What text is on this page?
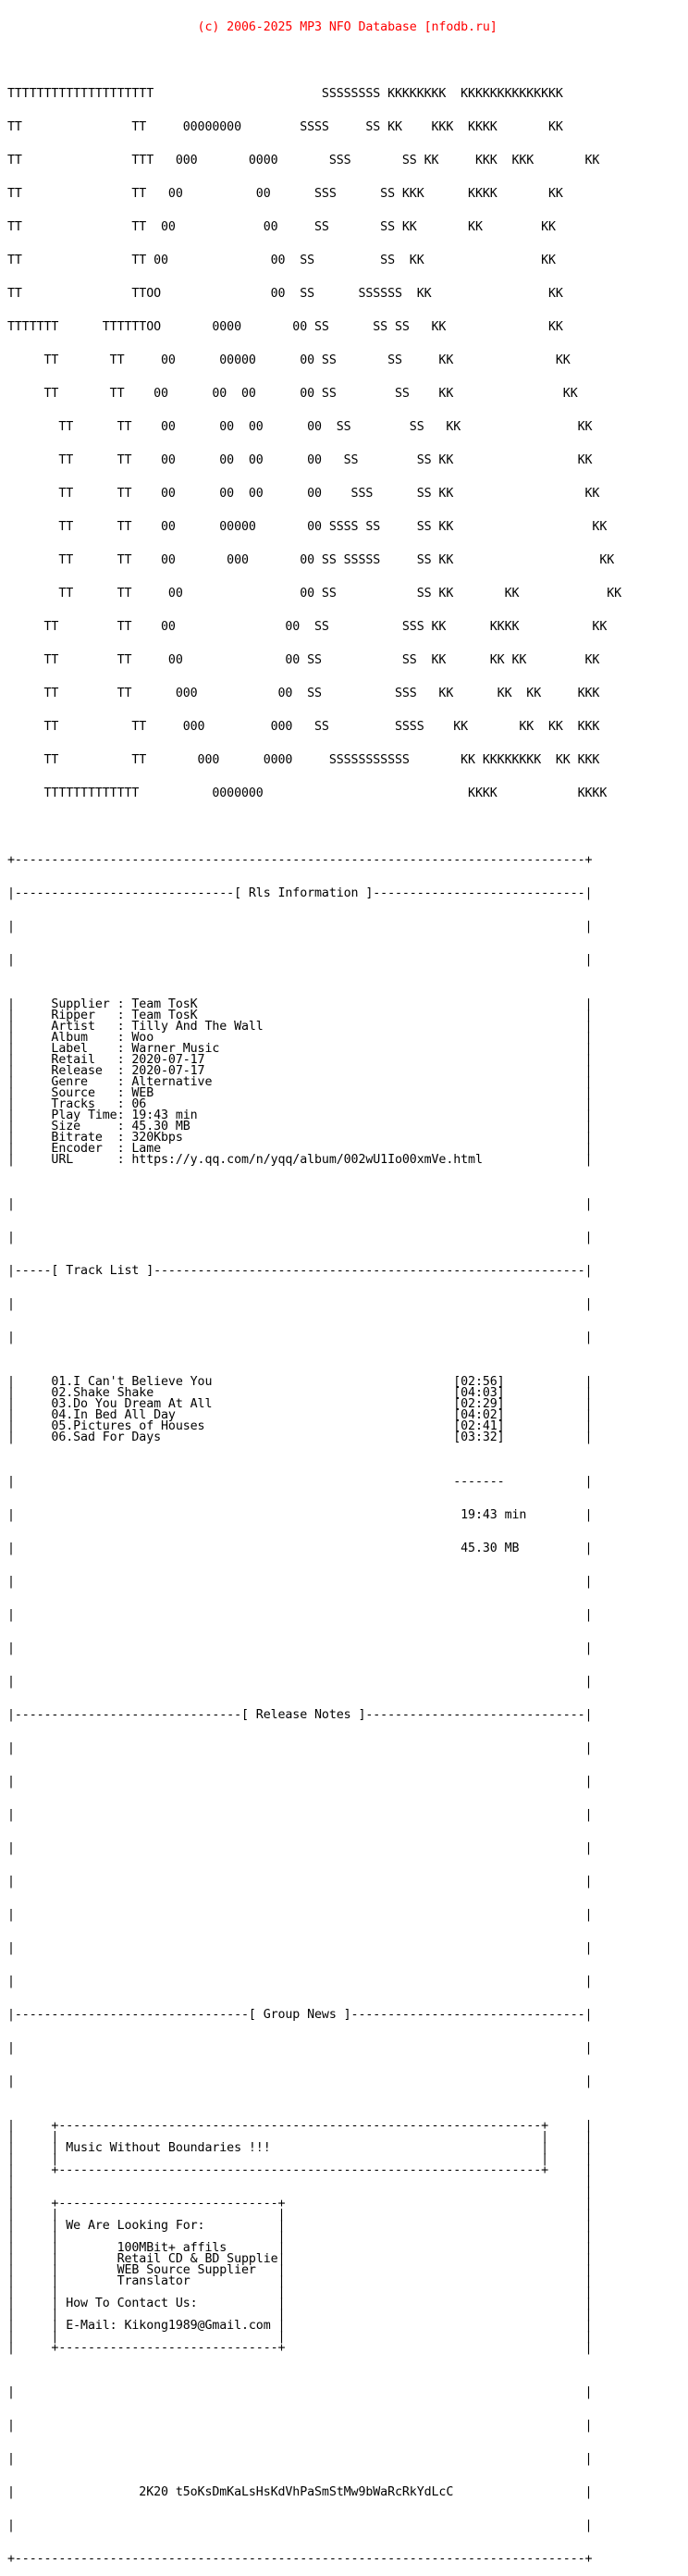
(c) 2006-2025 MP3 NFO Database [nfodb.ru]

TTTTTTTTTTTTTTTTTTTT                       SSSSSSSS KKKKKKKK  KKKKKKKKKKKKKK

TT               TT     00000000        SSSS     SS KK    KKK  KKKK       KK

TT               TTT   000       0000       SSS       SS KK     KKK  KKK       KK

TT               TT   00          00      SSS      SS KKK      KKKK       KK

TT               TT  00            00     SS       SS KK       KK        KK

TT               TT 00              00  SS         SS  KK                KK

TT               TTOO               00  SS      SSSSSS  KK                KK

TTTTTTT      TTTTTTOO       0000       00 SS      SS SS   KK              KK

TT       TT     00      00000      00 SS       SS     KK              KK

TT       TT    00      00  00      00 SS        SS    KK               KK

TT      TT    00      00  00      00  SS        SS   KK                KK

TT      TT    00      00  00      00   SS        SS KK                 KK

TT      TT    00      00  00      00    SSS      SS KK                  KK

TT      TT    00      00000       00 SSSS SS     SS KK                   KK

TT      TT    00       000       00 SS SSSSS     SS KK                    KK

TT      TT     00                00 SS           SS KK       KK            KK

TT        TT    00               00  SS          SSS KK      KKKK          KK

TT        TT     00              00 SS           SS  KK      KK KK        KK

TT        TT      000           00  SS          SSS   KK      KK  KK     KKK

TT          TT     000         000   SS         SSSS    KK       KK  KK  KKK

TT          TT       000      0000     SSSSSSSSSSS       KK KKKKKKKK  KK KKK

TTTTTTTTTTTTT          0000000                            KKKK           KKKK

+------------------------------------------------------------------------------+

|------------------------------[ Rls Information ]-----------------------------|

|                                                                              |

|                                                                              |

|     Supplier : Team TosK                                                     |
|     Ripper   : Team TosK                                                     |
|     Artist   : Tilly And The Wall                                            |
|     Album    : Woo                                                           |
|     Label    : Warner Music                                                  |
|     Retail   : 2020-07-17                                                    |
|     Release  : 2020-07-17                                                    |
|     Genre    : Alternative                                                   |
|     Source   : WEB                                                           |
|     Tracks   : 06                                                            |
|     Play Time: 19:43 min                                                     |
|     Size     : 45.30 MB                                                      |
|     Bitrate  : 320Kbps                                                       |
|     Encoder  : Lame                                                          |
|     URL      : https://y.qq.com/n/yqq/album/002wU1Io00xmVe.html              |

|                                                                              |

|                                                                              |

|-----[ Track List ]-----------------------------------------------------------|

|                                                                              |

|                                                                              |

|     01.I Can't Believe You                                 [02:56]           |
|     02.Shake Shake                                         [04:03]           |
|     03.Do You Dream At All                                 [02:29]           |
|     04.In Bed All Day                                      [04:02]           |
|     05.Pictures of Houses                                  [02:41]           |
|     06.Sad For Days                                        [03:32]           |

|                                                            -------           |

|                                                             19:43 min        |

|                                                             45.30 MB         |

|                                                                              |

|                                                                              |

|                                                                              |

|                                                                              |

|-------------------------------[ Release Notes ]------------------------------|

|                                                                              |

|                                                                              |

|                                                                              |

|                                                                              |

|                                                                              |

|                                                                              |

|                                                                              |

|                                                                              |

|--------------------------------[ Group News ]--------------------------------|

|                                                                              |

|                                                                              |

|     +------------------------------------------------------------------+     |
|     |                                                                  |     |
|     | Music Without Boundaries !!!                                     |     |
|     |                                                                  |     |
|     +------------------------------------------------------------------+     |
|                                                                              |
|                                                                              |
|     +------------------------------+                                         |
|     |                              |                                         |
|     | We Are Looking For:          |                                         |
|     |                              |                                         |
|     |        100MBit+ affils       |                                         |
|     |        Retail CD & BD Supplie|                                         |
|     |        WEB Source Supplier   |                                         |
|     |        Translator            |                                         |
|     |                              |                                         |
|     | How To Contact Us:           |                                         |
|     |                              |                                         |
|     | E-Mail: Kikong1989@Gmail.com |                                         |
|     |                              |                                         |
|     +------------------------------+                                         |

|                                                                              |

|                                                                              |

|                                                                              |

|                 2K20 t5oKsDmKaLsHsKdVhPaSmStMw9bWaRcRkYdLcC                  |

|                                                                              |

+------------------------------------------------------------------------------+
